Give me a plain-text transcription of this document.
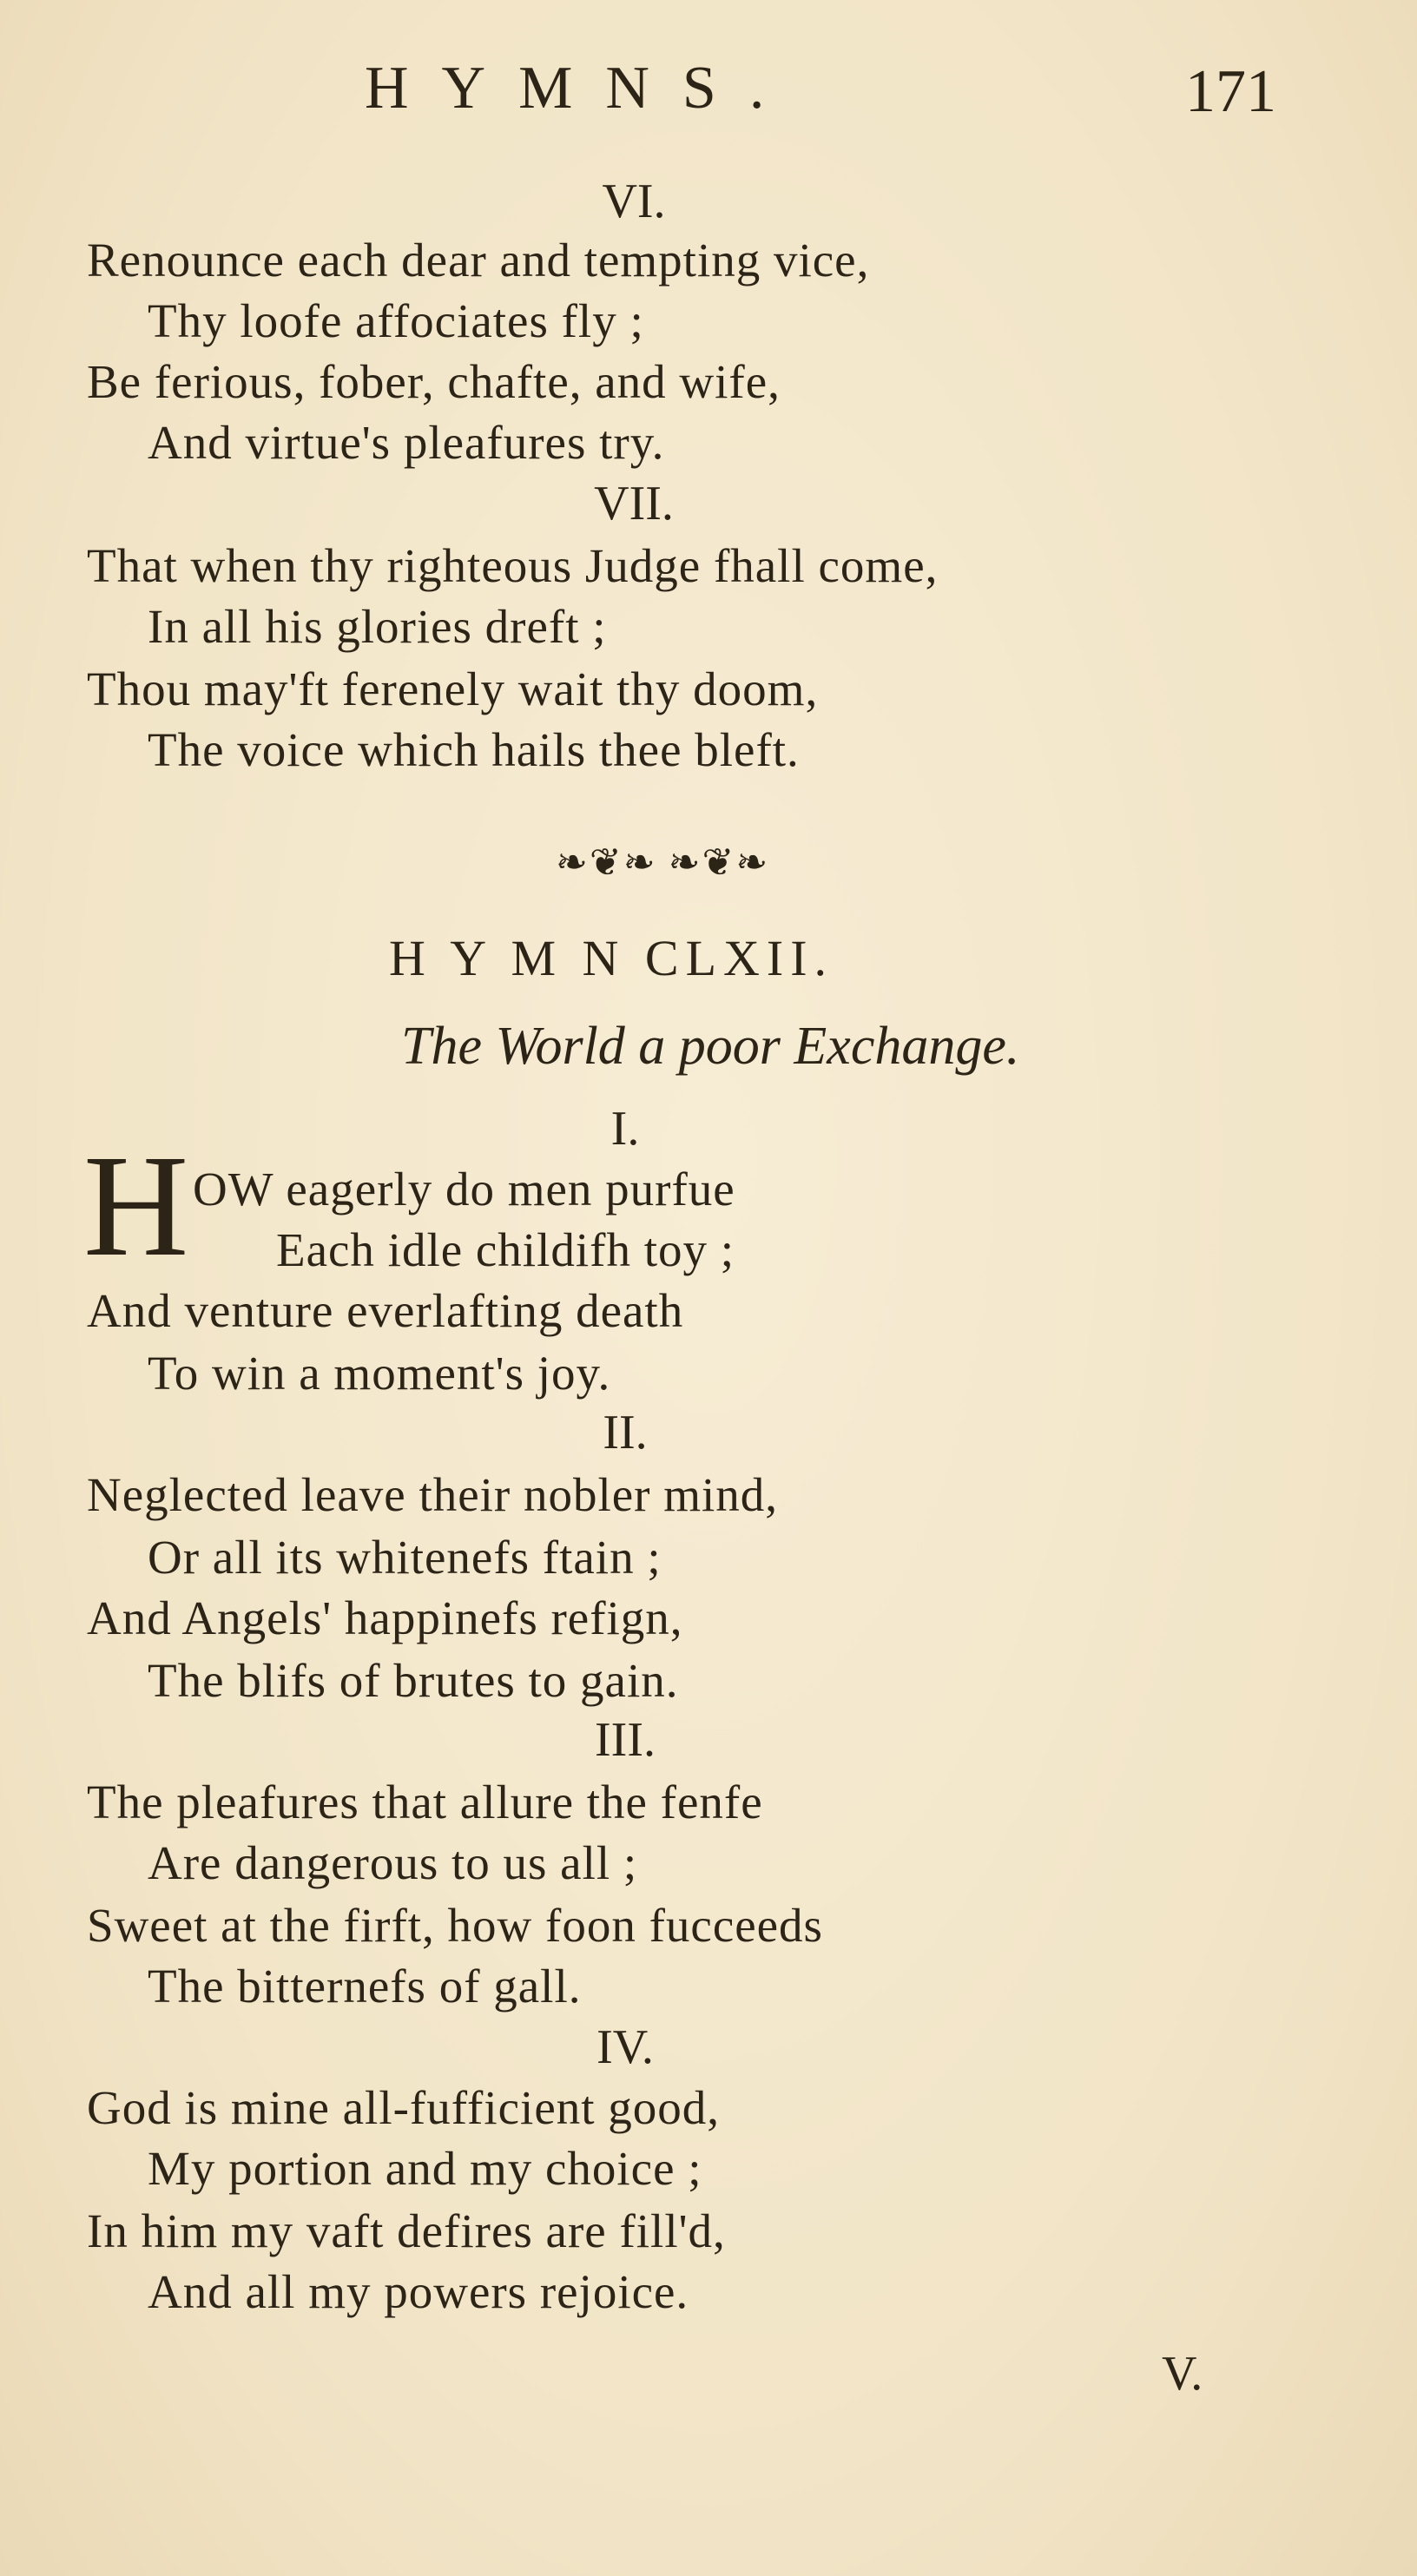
HYMNS.	171
VI.
Renounce each dear and tempting vice,
Thy loofe affociates fly ;
Be ferious, fober, chafte, and wife,
And virtue's pleafures try.
VII.
That when thy righteous Judge fhall come,
In all his glories dreft ;
Thou may'ft ferenely wait thy doom,
The voice which hails thee bleft.
❧❦❧ ❧❦❧
H Y M N CLXII.
The World a poor Exchange.
I.
H OW eagerly do men purfue
Each idle childifh toy ;
And venture everlafting death
To win a moment's joy.
II.
Neglected leave their nobler mind,
Or all its whitenefs ftain ;
And Angels' happinefs refign,
The blifs of brutes to gain.
III.
The pleafures that allure the fenfe
Are dangerous to us all ;
Sweet at the firft, how foon fucceeds
The bitternefs of gall.
IV.
God is mine all-fufficient good,
My portion and my choice ;
In him my vaft defires are fill'd,
And all my powers rejoice.
V.
